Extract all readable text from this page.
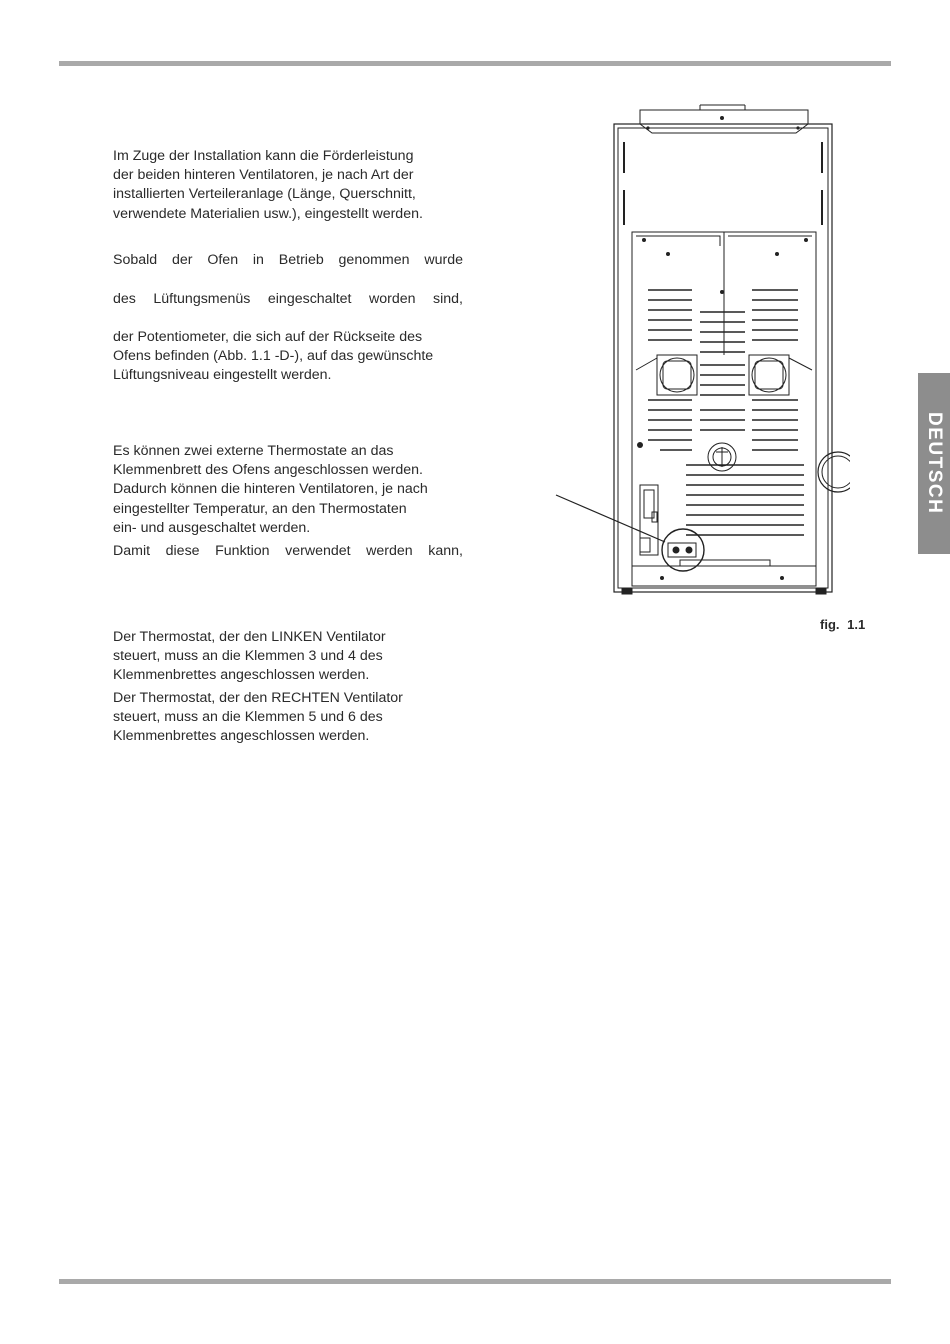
Im Zuge der Installation kann die Förderleistung

der beiden hinteren Ventilatoren, je nach Art der

installierten Verteileranlage (Länge, Querschnitt,

verwendete Materialien usw.), eingestellt werden.

Sobald der Ofen in Betrieb genommen wurde

des Lüftungsmenüs eingeschaltet worden sind,

der Potentiometer, die sich auf der Rückseite des

Ofens befinden (Abb. 1.1 -D-), auf das gewünschte

Lüftungsniveau eingestellt werden.

Es können zwei externe Thermostate an das

Klemmenbrett des Ofens angeschlossen werden.

Dadurch können die hinteren Ventilatoren, je nach

eingestellter Temperatur, an den Thermostaten

ein- und ausgeschaltet werden.

Damit diese Funktion verwendet werden kann,

Der Thermostat, der den LINKEN Ventilator

steuert, muss an die Klemmen 3 und 4 des

Klemmenbrettes angeschlossen werden.

Der Thermostat, der den RECHTEN Ventilator

steuert, muss an die Klemmen 5 und 6 des

Klemmenbrettes angeschlossen werden.

fig. 1.1
DEUTSCH
